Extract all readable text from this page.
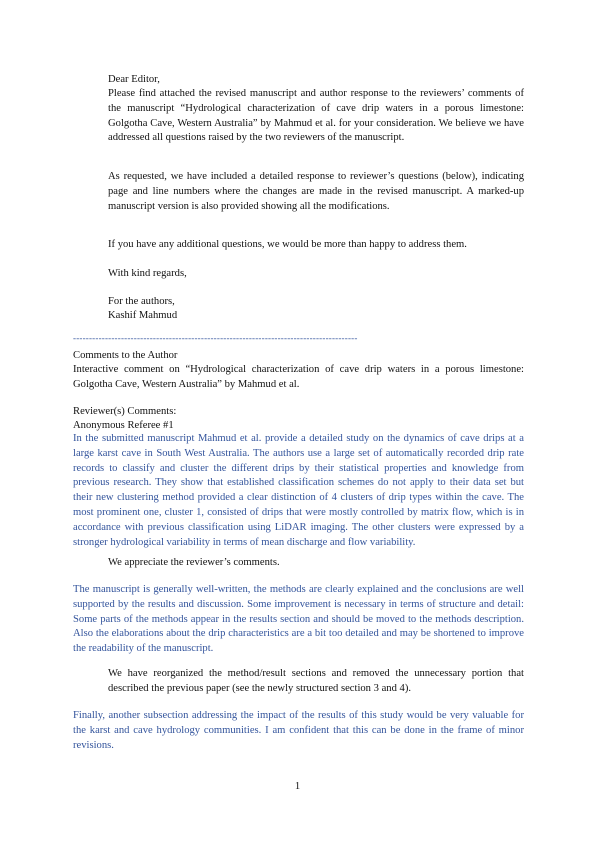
Dear Editor,

Please find attached the revised manuscript and author response to the reviewers’ comments of the manuscript “Hydrological characterization of cave drip waters in a porous limestone: Golgotha Cave, Western Australia” by Mahmud et al. for your consideration. We believe we have addressed all questions raised by the two reviewers of the manuscript.

As requested, we have included a detailed response to reviewer’s questions (below), indicating page and line numbers where the changes are made in the revised manuscript. A marked-up manuscript version is also provided showing all the modifications.

If you have any additional questions, we would be more than happy to address them.

With kind regards,

For the authors,

Kashif Mahmud

-----------------------------------------------------------------------------------------

Comments to the Author

Interactive comment on “Hydrological characterization of cave drip waters in a porous limestone: Golgotha Cave, Western Australia” by Mahmud et al.

Reviewer(s) Comments:

Anonymous Referee #1

In the submitted manuscript Mahmud et al. provide a detailed study on the dynamics of cave drips at a large karst cave in South West Australia. The authors use a large set of automatically recorded drip rate records to classify and cluster the different drips by their statistical properties and knowledge from previous research. They show that established classification schemes do not apply to their data set but their new clustering method provided a clear distinction of 4 clusters of drip types within the cave. The most prominent one, cluster 1, consisted of drips that were mostly controlled by matrix flow, which is in accordance with previous classification using LiDAR imaging. The other clusters were expressed by a stronger hydrological variability in terms of mean discharge and flow variability.

We appreciate the reviewer’s comments.

The manuscript is generally well-written, the methods are clearly explained and the conclusions are well supported by the results and discussion. Some improvement is necessary in terms of structure and detail: Some parts of the methods appear in the results section and should be moved to the methods description. Also the elaborations about the drip characteristics are a bit too detailed and may be shortened to improve the readability of the manuscript.

We have reorganized the method/result sections and removed the unnecessary portion that described the previous paper (see the newly structured section 3 and 4).

Finally, another subsection addressing the impact of the results of this study would be very valuable for the karst and cave hydrology communities. I am confident that this can be done in the frame of minor revisions.

1
